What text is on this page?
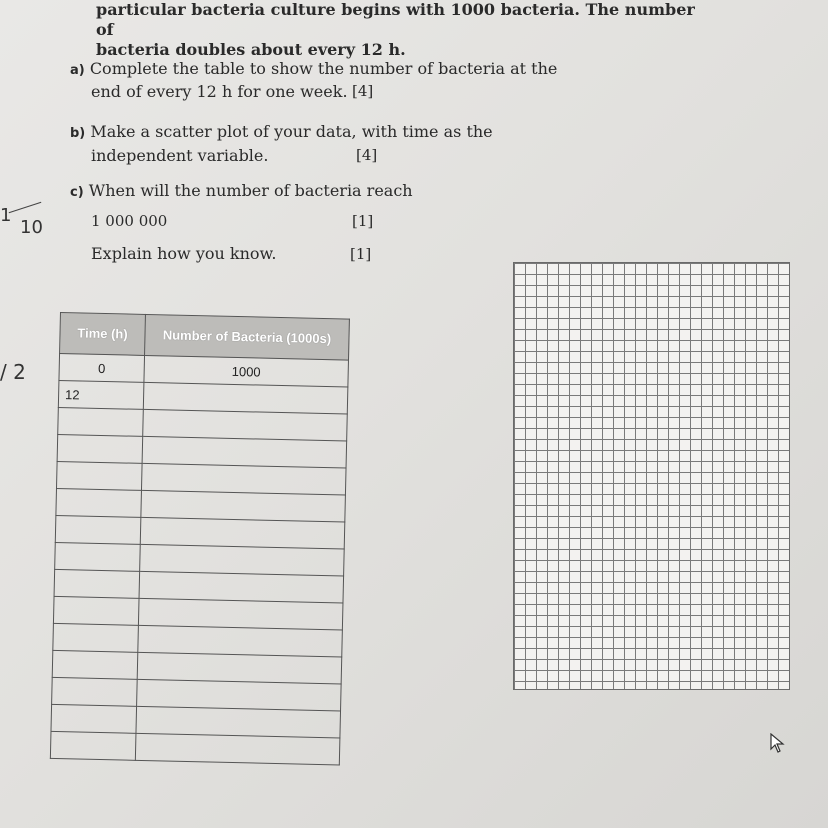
particular bacteria culture begins with 1000 bacteria. The number of
bacteria doubles about every 12 h.
a) Complete the table to show the number of bacteria at the
end of every 12 h for one week. [4]
b) Make a scatter plot of your data, with time as the
independent variable.	[4]
c) When will the number of bacteria reach
1 000 000	[1]
Explain how you know.	[1]
1
10
/ 2
Time (h)	Number of Bacteria (1000s)
0	1000
12	
